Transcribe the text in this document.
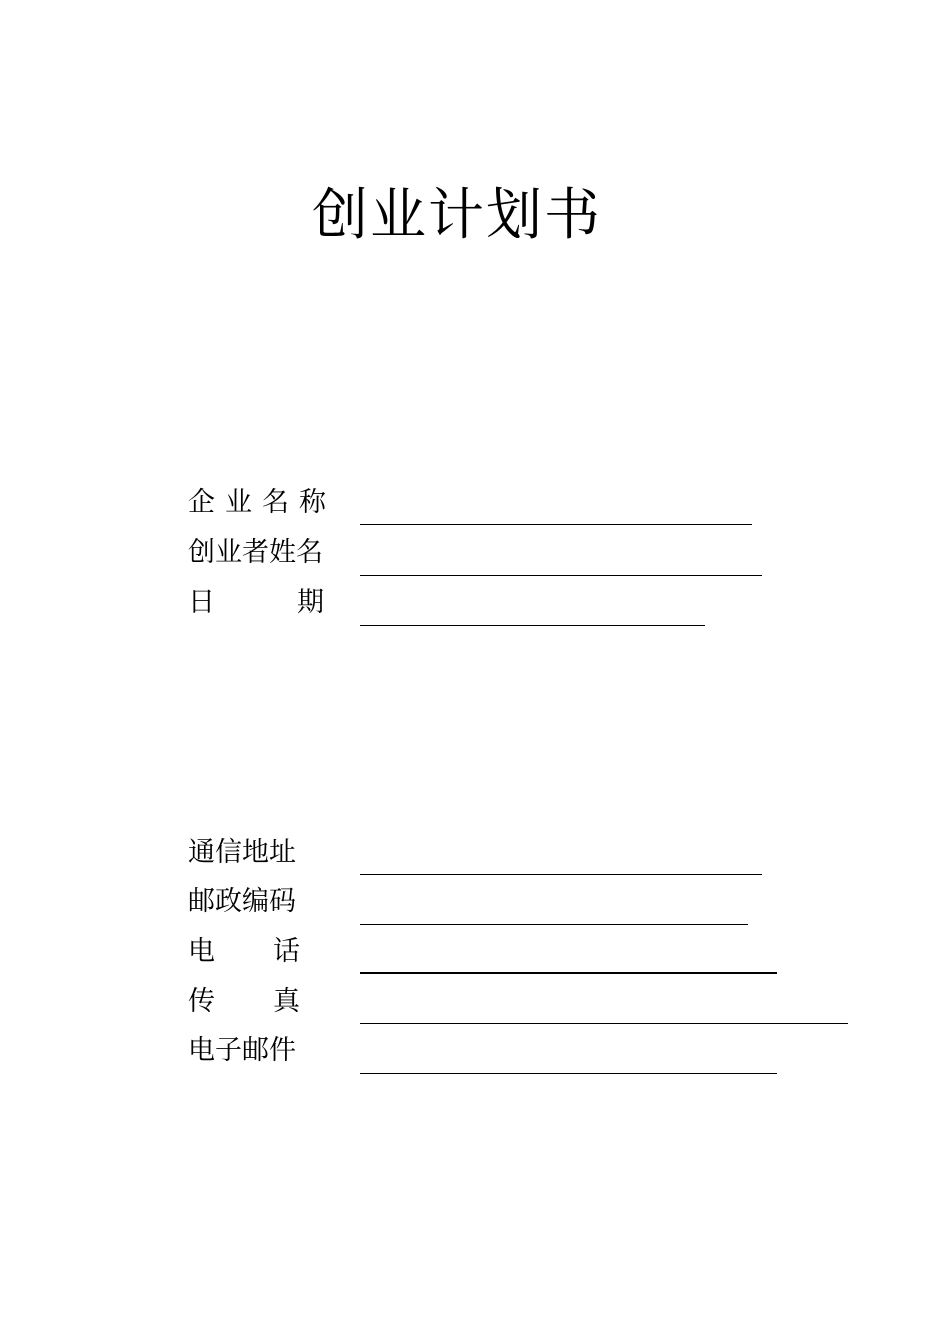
创业计划书
企业名称
创业者姓名
日期
通信地址
邮政编码
电话
传真
电子邮件
